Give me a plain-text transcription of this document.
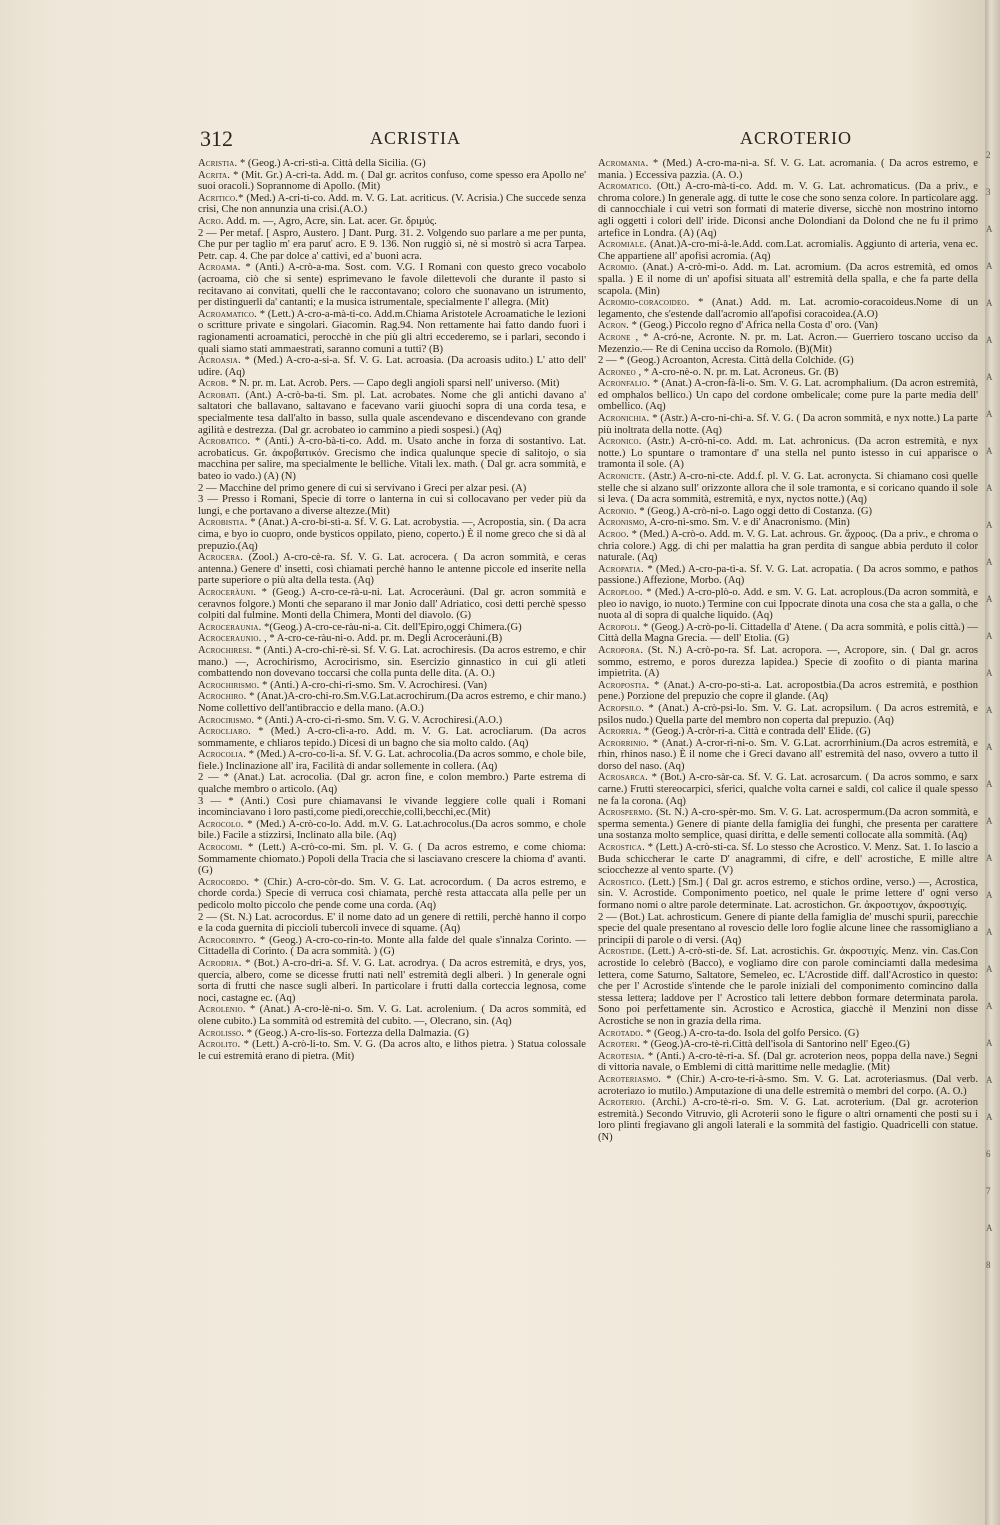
312	ACRISTIA	ACROTERIO

Acristia. * (Geog.) A-cri-stì-a. Città della Sicilia. (G)

Acrita. * (Mit. Gr.) A-cri-ta. Add. m. ( Dal gr. acritos confuso, come spesso era Apollo ne' suoi oracoli.) Soprannome di Apollo. (Mit)

Acritico.* (Med.) A-cri-ti-co. Add. m. V. G. Lat. acriticus. (V. Acrisia.) Che succede senza crisi, Che non annunzia una crisi.(A.O.)

Acro. Add. m. —, Agro, Acre, sin. Lat. acer. Gr. δριμύς.

2 — Per metaf. [ Aspro, Austero. ] Dant. Purg. 31. 2. Volgendo suo parlare a me per punta, Che pur per taglio m' era paruť acro. E 9. 136. Non ruggiò sì, nè si mostrò sì acra Tarpea. Petr. cap. 4. Che par dolce a' cattivi, ed a' buoni acra.

Acroama. * (Anti.) A-crò-a-ma. Sost. com. V.G. I Romani con questo greco vocabolo (acroama, ciò che si sente) esprimevano le favole dilettevoli che durante il pasto si recitavano ai convitati, quelli che le raccontavano; coloro che suonavano un istrumento, per distinguerli da' cantanti; e la musica istrumentale, specialmente l' allegra. (Mit)

Acroamatico. * (Lett.) A-cro-a-mà-ti-co. Add.m.Chiama Aristotele Acroamatiche le lezioni o scritture private e singolari. Giacomin. Rag.94. Non rettamente hai fatto dando fuori i ragionamenti acroamatici, perocchè in che più gli altri eccederemo, se i parlari, secondo i quali siamo stati ammaestrati, saranno comuni a tutti? (B)

Acroasia. * (Med.) A-cro-a-si-a. Sf. V. G. Lat. acroasia. (Da acroasis udito.) L' atto dell' udire. (Aq)

Acrob. * N. pr. m. Lat. Acrob. Pers. — Capo degli angioli sparsi nell' universo. (Mit)

Acrobati. (Ant.) A-crò-ba-ti. Sm. pl. Lat. acrobates. Nome che gli antichi davano a' saltatori che ballavano, saltavano e facevano varii giuochi sopra di una corda tesa, e specialmente tesa dall'alto in basso, sulla quale ascendevano e discendevano con grande agilità e destrezza. (Dal gr. acrobateo io cammino a piedi sospesi.) (Aq)

Acrobatico. * (Anti.) A-cro-bà-ti-co. Add. m. Usato anche in forza di sostantivo. Lat. acrobaticus. Gr. ἀκροβατικόν. Grecismo che indica qualunque specie di salitojo, o sia macchina per salire, ma specialmente le belliche. Vitali lex. math. ( Dal gr. acra sommità, e bateo io vado.) (A) (N)

2 — Macchine del primo genere di cui si servivano i Greci per alzar pesi. (A)

3 — Presso i Romani, Specie di torre o lanterna in cui si collocavano per veder più da lungi, e che portavano a diverse altezze.(Mit)

Acrobistia. * (Anat.) A-cro-bi-stì-a. Sf. V. G. Lat. acrobystia. —, Acropostia, sin. ( Da acra cima, e byo io cuopro, onde bysticos oppilato, pieno, coperto.) È il nome greco che si dà al prepuzio.(Aq)

Acrocera. (Zool.) A-cro-cè-ra. Sf. V. G. Lat. acrocera. ( Da acron sommità, e ceras antenna.) Genere d' insetti, così chiamati perchè hanno le antenne piccole ed inserite nella parte superiore o più alta della testa. (Aq)

Acroceràuni. * (Geog.) A-cro-ce-rà-u-ni. Lat. Acroceràuni. (Dal gr. acron sommità e ceravnos folgore.) Monti che separano il mar Jonio dall' Adriatico, così detti perchè spesso colpiti dal fulmine. Monti della Chimera, Monti del diavolo. (G)

Acroceraunia. *(Geog.) A-cro-ce-ràu-ni-a. Cit. dell'Epiro,oggi Chimera.(G)

Acroceraunio. , * A-cro-ce-ràu-ni-o. Add. pr. m. Degli Acroceràuni.(B)

Acrochiresi. * (Anti.) A-cro-chi-rè-si. Sf. V. G. Lat. acrochiresis. (Da acros estremo, e chir mano.) —, Acrochirismo, Acrocirismo, sin. Esercizio ginnastico in cui gli atleti combattendo non dovevano toccarsi che colla punta delle dita. (A. O.)

Acrochirismo. * (Anti.) A-cro-chi-rì-smo. Sm. V. Acrochiresi. (Van)

Acrochiro. * (Anat.)A-cro-chi-ro.Sm.V.G.Lat.acrochirum.(Da acros estremo, e chir mano.) Nome collettivo dell'antibraccio e della mano. (A.O.)

Acrocirismo. * (Anti.) A-cro-ci-rì-smo. Sm. V. G. V. Acrochiresi.(A.O.)

Acrocliaro. * (Med.) A-cro-clì-a-ro. Add. m. V. G. Lat. acrocliarum. (Da acros sommamente, e chliaros tepido.) Dicesi di un bagno che sia molto caldo. (Aq)

Acrocolia. * (Med.) A-cro-co-lì-a. Sf. V. G. Lat. achrocolia.(Da acros sommo, e chole bile, fiele.) Inclinazione all' ira, Facilità di andar sollemente in collera. (Aq)

2 — * (Anat.) Lat. acrocolia. (Dal gr. acron fine, e colon membro.) Parte estrema di qualche membro o articolo. (Aq)

3 — * (Anti.) Così pure chiamavansi le vivande leggiere colle quali i Romani incominciavano i loro pasti,come piedi,orecchie,colli,becchi,ec.(Mit)

Acrocolo. * (Med.) A-crò-co-lo. Add. m.V. G. Lat.achrocolus.(Da acros sommo, e chole bile.) Facile a stizzirsi, Inclinato alla bile. (Aq)

Acrocomi. * (Lett.) A-crò-co-mi. Sm. pl. V. G. ( Da acros estremo, e come chioma: Sommamente chiomato.) Popoli della Tracia che si lasciavano crescere la chioma d' avanti. (G)

Acrocordo. * (Chir.) A-cro-còr-do. Sm. V. G. Lat. acrocordum. ( Da acros estremo, e chorde corda.) Specie di verruca così chiamata, perchè resta attaccata alla pelle per un pedicolo molto piccolo che pende come una corda. (Aq)

2 — (St. N.) Lat. acrocordus. E' il nome dato ad un genere di rettili, perchè hanno il corpo e la coda guernita di piccioli tubercoli invece di squame. (Aq)

Acrocorinto. * (Geog.) A-cro-co-rin-to. Monte alla falde del quale s'innalza Corinto. — Cittadella di Corinto. ( Da acra sommità. ) (G)

Acrodria. * (Bot.) A-cro-drì-a. Sf. V. G. Lat. acrodrya. ( Da acros estremità, e drys, yos, quercia, albero, come se dicesse frutti nati nell' estremità degli alberi. ) In generale ogni sorta di frutti che nasce sugli alberi. In particolare i frutti dalla corteccia legnosa, come noci, castagne ec. (Aq)

Acrolenio. * (Anat.) A-cro-lè-ni-o. Sm. V. G. Lat. acrolenium. ( Da acros sommità, ed olene cubito.) La sommità od estremità del cubito. —, Olecrano, sin. (Aq)

Acrolisso. * (Geog.) A-cro-lis-so. Fortezza della Dalmazia. (G)

Acrolito. * (Lett.) A-crò-li-to. Sm. V. G. (Da acros alto, e lithos pietra. ) Statua colossale le cui estremità erano di pietra. (Mit)

Acromania. * (Med.) A-cro-ma-nì-a. Sf. V. G. Lat. acromania. ( Da acros estremo, e mania. ) Eccessiva pazzia. (A. O.)

Acromatico. (Ott.) A-cro-mà-ti-co. Add. m. V. G. Lat. achromaticus. (Da a priv., e chroma colore.) In generale agg. di tutte le cose che sono senza colore. In particolare agg. di cannocchiale i cui vetri son formati di materie diverse, sicchè non mostrino intorno agli oggetti i colori dell' iride. Diconsi anche Dolondiani da Dolond che ne fu il primo artefice in Londra. (A) (Aq)

Acromiale. (Anat.)A-cro-mi-à-le.Add. com.Lat. acromialis. Aggiunto di arteria, vena ec. Che appartiene all' apofisi acromia. (Aq)

Acromio. (Anat.) A-crò-mi-o. Add. m. Lat. acromium. (Da acros estremità, ed omos spalla. ) E il nome di un' apofisi situata all' estremità della spalla, e che fa parte della scapola. (Min)

Acromio-coracoideo. * (Anat.) Add. m. Lat. acromio-coracoideus.Nome di un legamento, che s'estende dall'acromio all'apofisi coracoidea.(A.O)

Acron. * (Geog.) Piccolo regno d' Africa nella Costa d' oro. (Van)

Acrone , * A-cró-ne, Acronte. N. pr. m. Lat. Acron.— Guerriero toscano ucciso da Mezenzio.— Re di Cenina ucciso da Romolo. (B)(Mit)

2 — * (Geog.) Acroanton, Acresta. Città della Colchide. (G)

Acroneo , * A-cro-nè-o. N. pr. m. Lat. Acroneus. Gr. (B)

Acronfalio. * (Anat.) A-cron-fà-li-o. Sm. V. G. Lat. acromphalium. (Da acron estremità, ed omphalos bellico.) Un capo del cordone ombelicale; come pure la parte media dell' ombellico. (Aq)

Acronichia. * (Astr.) A-cro-ni-chì-a. Sf. V. G. ( Da acron sommità, e nyx notte.) La parte più inoltrata della notte. (Aq)

Acronico. (Astr.) A-crò-ni-co. Add. m. Lat. achronicus. (Da acron estremità, e nyx notte.) Lo spuntare o tramontare d' una stella nel punto istesso in cui apparisce o tramonta il sole. (A)

Acronicte. (Astr.) A-cro-nì-cte. Add.f. pl. V. G. Lat. acronycta. Si chiamano così quelle stelle che si alzano sull' orizzonte allora che il sole tramonta, e si coricano quando il sole si leva. ( Da acra sommità, estremità, e nyx, nyctos notte.) (Aq)

Acronio. * (Geog.) A-crò-ni-o. Lago oggi detto di Costanza. (G)

Acronismo, A-cro-nì-smo. Sm. V. e di' Anacronismo. (Min)

Acroo. * (Med.) A-crò-o. Add. m. V. G. Lat. achrous. Gr. ἄχροος. (Da a priv., e chroma o chria colore.) Agg. di chi per malattia ha gran perdita di sangue abbia perduto il color naturale. (Aq)

Acropatia. * (Med.) A-cro-pa-tì-a. Sf. V. G. Lat. acropatia. ( Da acros sommo, e pathos passione.) Affezione, Morbo. (Aq)

Acroploo. * (Med.) A-cro-plò-o. Add. e sm. V. G. Lat. acroplous.(Da acron sommità, e pleo io navigo, io nuoto.) Termine con cui Ippocrate dinota una cosa che sta a galla, o che nuota al di sopra di qualche liquido. (Aq)

Acropoli. * (Geog.) A-crò-po-li. Cittadella d' Atene. ( Da acra sommità, e polis città.) — Città della Magna Grecia. — dell' Etolia. (G)

Acropora. (St. N.) A-crò-po-ra. Sf. Lat. acropora. —, Acropore, sin. ( Dal gr. acros sommo, estremo, e poros durezza lapidea.) Specie di zoofito o di pianta marina impietrita. (A)

Acropostia. * (Anat.) A-cro-po-stì-a. Lat. acropostbia.(Da acros estremità, e posthion pene.) Porzione del prepuzio che copre il glande. (Aq)

Acropsilo. * (Anat.) A-crò-psi-lo. Sm. V. G. Lat. acropsilum. ( Da acros estremità, e psilos nudo.) Quella parte del membro non coperta dal prepuzio. (Aq)

Acrorria. * (Geog.) A-cròr-ri-a. Città e contrada dell' Elide. (G)

Acrorrinio. * (Anat.) A-cror-rì-ni-o. Sm. V. G.Lat. acrorrhinium.(Da acros estremità, e rhin, rhinos naso.) È il nome che i Greci davano all' estremità del naso, ovvero a tutto il dorso del naso. (Aq)

Acrosarca. * (Bot.) A-cro-sàr-ca. Sf. V. G. Lat. acrosarcum. ( Da acros sommo, e sarx carne.) Frutti stereocarpici, sferici, qualche volta carnei e saldi, col calice il quale spesso ne fa la corona. (Aq)

Acrospermo. (St. N.) A-cro-spèr-mo. Sm. V. G. Lat. acrospermum.(Da acron sommità, e sperma sementa.) Genere di piante della famiglia dei funghi, che presenta per carattere una sostanza molto semplice, quasi diritta, e delle sementi collocate alla sommità. (Aq)

Acrostica. * (Lett.) A-crò-sti-ca. Sf. Lo stesso che Acrostico. V. Menz. Sat. 1. Io lascio a Buda schiccherar le carte D' anagrammi, di cifre, e dell' acrostiche, E mille altre sciocchezze al vento sparte. (V)

Acrostico. (Lett.) [Sm.] ( Dal gr. acros estremo, e stichos ordine, verso.) —, Acrostica, sin. V. Acrostide. Componimento poetico, nel quale le prime lettere d' ogni verso formano nomi o altre parole determinate. Lat. acrostichon. Gr. ἀκροστιχον, ἀκροστιχίς.

2 — (Bot.) Lat. achrosticum. Genere di piante della famiglia de' muschi spurii, parecchie specie del quale presentano al rovescio delle loro foglie alcune linee che rassomigliano a principii di parole o di versi. (Aq)

Acrostide. (Lett.) A-crò-sti-de. Sf. Lat. acrostichis. Gr. ἀκροστιχίς. Menz. vin. Cas.Con acrostide lo celebrò (Bacco), e vogliamo dire con parole cominciamti dalla medesima lettera, come Saturno, Saltatore, Semeleo, ec. L'Acrostide diff. dall'Acrostico in questo: che per l' Acrostide s'intende che le parole iniziali del componimento comincino dalla stessa lettera; laddove per l' Acrostico tali lettere debbon formare determinata parola. Sono poi perfettamente sin. Acrostico e Acrostica, giacchè il Menzini non disse Acrostiche se non in grazia della rima.

Acrotado. * (Geog.) A-cro-ta-do. Isola del golfo Persico. (G)

Acroteri. * (Geog.)A-cro-tè-ri.Città dell'isola di Santorino nell' Egeo.(G)

Acrotesia. * (Anti.) A-cro-tè-ri-a. Sf. (Dal gr. acroterion neos, poppa della nave.) Segni di vittoria navale, o Emblemi di città marittime nelle medaglie. (Mit)

Acroteriasmo. * (Chir.) A-cro-te-ri-à-smo. Sm. V. G. Lat. acroteriasmus. (Dal verb. acroteriazo io mutilo.) Amputazione di una delle estremità o membri del corpo. (A. O.)

Acroterio. (Archi.) A-cro-tè-ri-o. Sm. V. G. Lat. acroterium. (Dal gr. acroterion estremità.) Secondo Vitruvio, gli Acroterii sono le figure o altri ornamenti che posti su i loro plinti fregiavano gli angoli laterali e la sommità del fastigio. Quadricelli con statue. (N)

2
3
A
A
A
A
A
A
A
A
A
A
A
A
A
A
A
A
A
A
A
A
A
A
A
A
A
6
7
A
8
